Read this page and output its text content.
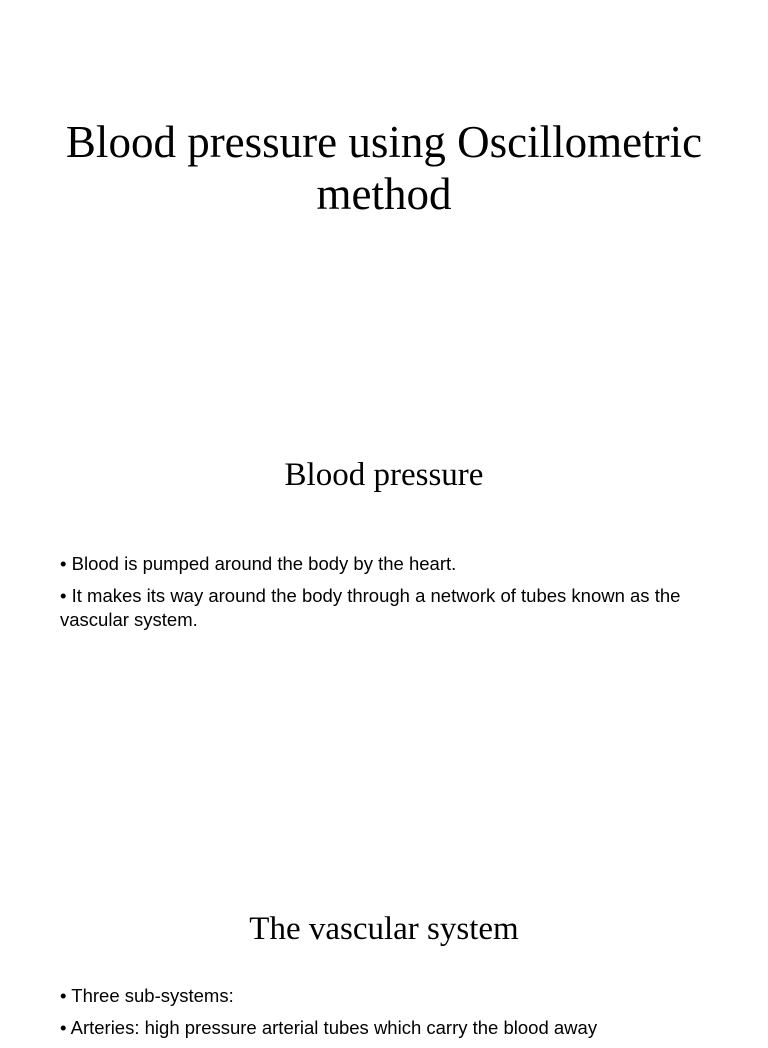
Blood pressure using Oscillometric method
Blood pressure
• Blood is pumped around the body by the heart.
• It makes its way around the body through a network of tubes known as the vascular system.
The vascular system
• Three sub-systems:
• Arteries: high pressure arterial tubes which carry the blood away
